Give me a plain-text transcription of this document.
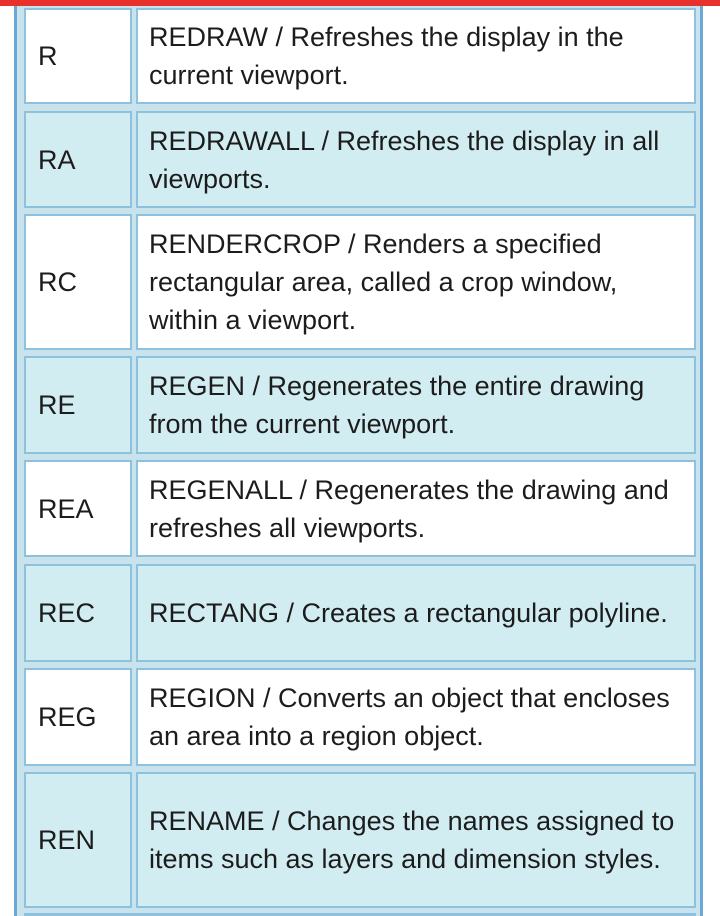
R
REDRAW / Refreshes the display in the current viewport.
RA
REDRAWALL / Refreshes the display in all viewports.
RC
RENDERCROP / Renders a specified rectangular area, called a crop window, within a viewport.
RE
REGEN / Regenerates the entire drawing from the current viewport.
REA
REGENALL / Regenerates the drawing and refreshes all viewports.
REC	RECTANG / Creates a rectangular polyline.
REG
REGION / Converts an object that encloses an area into a region object.
REN
RENAME / Changes the names assigned to items such as layers and dimension styles.
